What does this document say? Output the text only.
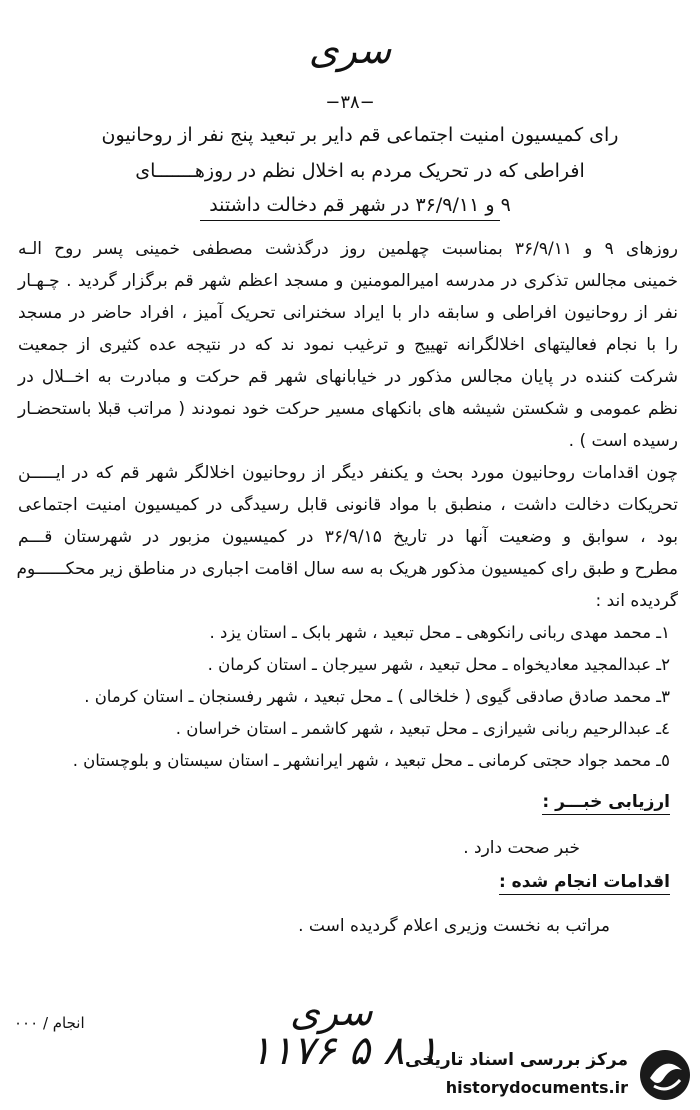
سری
−۳۸−
رای کمیسیون امنیت اجتماعی قم دایر بر تبعید پنج نفر از روحانیون
افراطی که در تحریک مردم به اخلال نظم در روزهـــــــای
۹ و ۳۶/۹/۱۱ در شهر قم دخالت داشتند
روزهای ۹ و ۳۶/۹/۱۱ بمناسبت چهلمین روز درگذشت مصطفی خمینی پسر روح الـه
خمینی مجالس تذکری در مدرسه امیرالمومنین و مسجد اعظم شهر قم برگزار گردید . چـهـار
نفر از روحانیون افراطی و سابقه دار با ایراد سخنرانی تحریک آمیز ، افراد حاضر در مسجد
را با نجام فعالیتهای اخلالگرانه تهییج و ترغیب نمود ند که در نتیجه عده کثیری از جمعیت
شرکت کننده در پایان مجالس مذکور در خیابانهای شهر قم حرکت و مبادرت به اخــلال در
نظم عمومی و شکستن شیشه های بانکهای مسیر حرکت خود نمودند ( مراتب قبلا باستحضـار
رسیده است ) .
چون اقدامات روحانیون مورد بحث و یکنفر دیگر از روحانیون اخلالگر شهر قم که در ایـــــن
تحریکات دخالت داشت ، منطبق با مواد قانونی قابل رسیدگی در کمیسیون امنیت اجتماعی
بود ، سوابق و وضعیت آنها در تاریخ ۳۶/۹/۱۵ در کمیسیون مزبور در شهرستان قـــم
مطرح و طبق رای کمیسیون مذکور هریک به سه سال اقامت اجباری در مناطق زیر محکــــــوم
گردیده اند :
۱ـ محمد مهدی ربانی رانکوهی ـ محل تبعید ، شهر بابک ـ استان یزد .
۲ـ عبدالمجید معادیخواه ـ محل تبعید ، شهر سیرجان ـ استان کرمان .
۳ـ محمد صادق صادقی گیوی ( خلخالی ) ـ محل تبعید ، شهر رفسنجان ـ استان کرمان .
٤ـ عبدالرحیم ربانی شیرازی ـ محل تبعید ، شهر کاشمر ـ استان خراسان .
٥ـ محمد جواد حجتی کرمانی ـ محل تبعید ، شهر ایرانشهر ـ استان سیستان و بلوچستان .
ارزیابی خبـــر :
خبر صحت دارد .
اقدامات انجام شده :
مراتب به نخست وزیری اعلام گردیده است .
سری
انجام / ۰۰۰
۱۱۷۶ ۵ ۸ ۱
مرکز بررسی اسناد تاریخی
historydocuments.ir
